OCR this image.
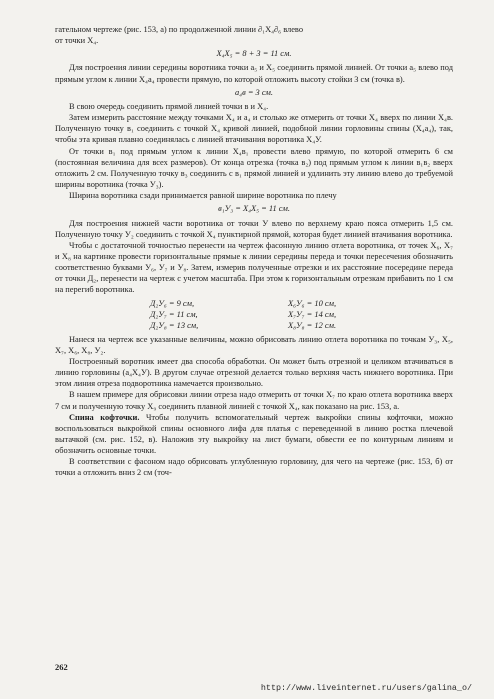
гательном чертеже (рис. 153, а) по продолженной линии ∂₁Х₄∂₆ влево

от точки Х₄.

Х₄Х₅ = 8 + 3 = 11 см.

Для построения линии середины воротника точки а₅ и Х₅ соединить прямой линией. От точки а₅ влево под прямым углом к линии Х₄а₄ провести прямую, по которой отложить высоту стойки 3 см (точка в).

а₄в = 3 см.

В свою очередь соединить прямой линией точки в и Х₄.

Затем измерить расстояние между точками Х₄ и а₄ и столько же отмерить от точки Х₄ вверх по линии Х₄в. Полученную точку в₁ соединить с точкой Х₄ кривой линией, подобной линии горловины спины (Х₄а₄), так, чтобы эта кривая плавно соединялась с линией втачивания воротника Х₄У.

От точки в₁ под прямым углом к линии Х₄в₁ провести влево прямую, по которой отмерить 6 см (постоянная величина для всех размеров). От конца отрезка (точка в₂) под прямым углом к линии в₁в₂ вверх отложить 2 см. Полученную точку в₃ соединить с в₁ прямой линией и удлинить эту линию влево до требуемой ширины воротника (точка У₃).

Ширина воротника сзади принимается равной ширине воротника по плечу

в₁У₃ = Х₄Х₅ = 11 см.

Для построения нижней части воротника от точки У влево по верхнему краю пояса отмерить 1,5 см. Полученную точку У₂ соединить с точкой Х₄ пунктирной прямой, которая будет линией втачивания воротника.

Чтобы с достаточной точностью перенести на чертеж фасонную линию отлета воротника, от точек Х₆, Х₇ и Х₈ на картинке провести горизонтальные прямые к линии середины переда и точки пересечения обозначить соответственно буквами У₆, У₇ и У₈. Затем, измерив полученные отрезки и их расстояние посередине переда от точки Д₂, перенести на чертеж с учетом масштаба. При этом к горизонтальным отрезкам прибавить по 1 см на перегиб воротника.

Д₂У₆ = 9 см,	Х₆У₆ = 10 см,
Д₂У₇ = 11 см,	Х₇У₇ = 14 см,
Д₂У₈ = 13 см,	Х₈У₈ = 12 см.

Нанеся на чертеж все указанные величины, можно обрисовать линию отлета воротника по точкам У₃, Х₅, Х₇, Х₆, Х₈, У₂.

Построенный воротник имеет два способа обработки. Он может быть отрезной и целиком втачиваться в линию горловины (а₄Х₄У). В другом случае отрезной делается только верхняя часть нижнего воротника. При этом линия отреза подворотника намечается произвольно.

В нашем примере для обрисовки линии отреза надо отмерить от точки Х₇ по краю отлета воротника вверх 7 см и полученную точку Х₉ соединить плавной линией с точкой Х₄, как показано на рис. 153, а.

Спина кофточки. Чтобы получить вспомогательный чертеж выкройки спины кофточки, можно воспользоваться выкройкой спины основного лифа для платья с переведенной в линию ростка плечевой вытачкой (см. рис. 152, в). Наложив эту выкройку на лист бумаги, обвести ее по контурным линиям и обозначить основные точки.

В соответствии с фасоном надо обрисовать углубленную горловину, для чего на чертеже (рис. 153, б) от точки а отложить вниз 2 см (точ-

262
http://www.liveinternet.ru/users/galina_o/
